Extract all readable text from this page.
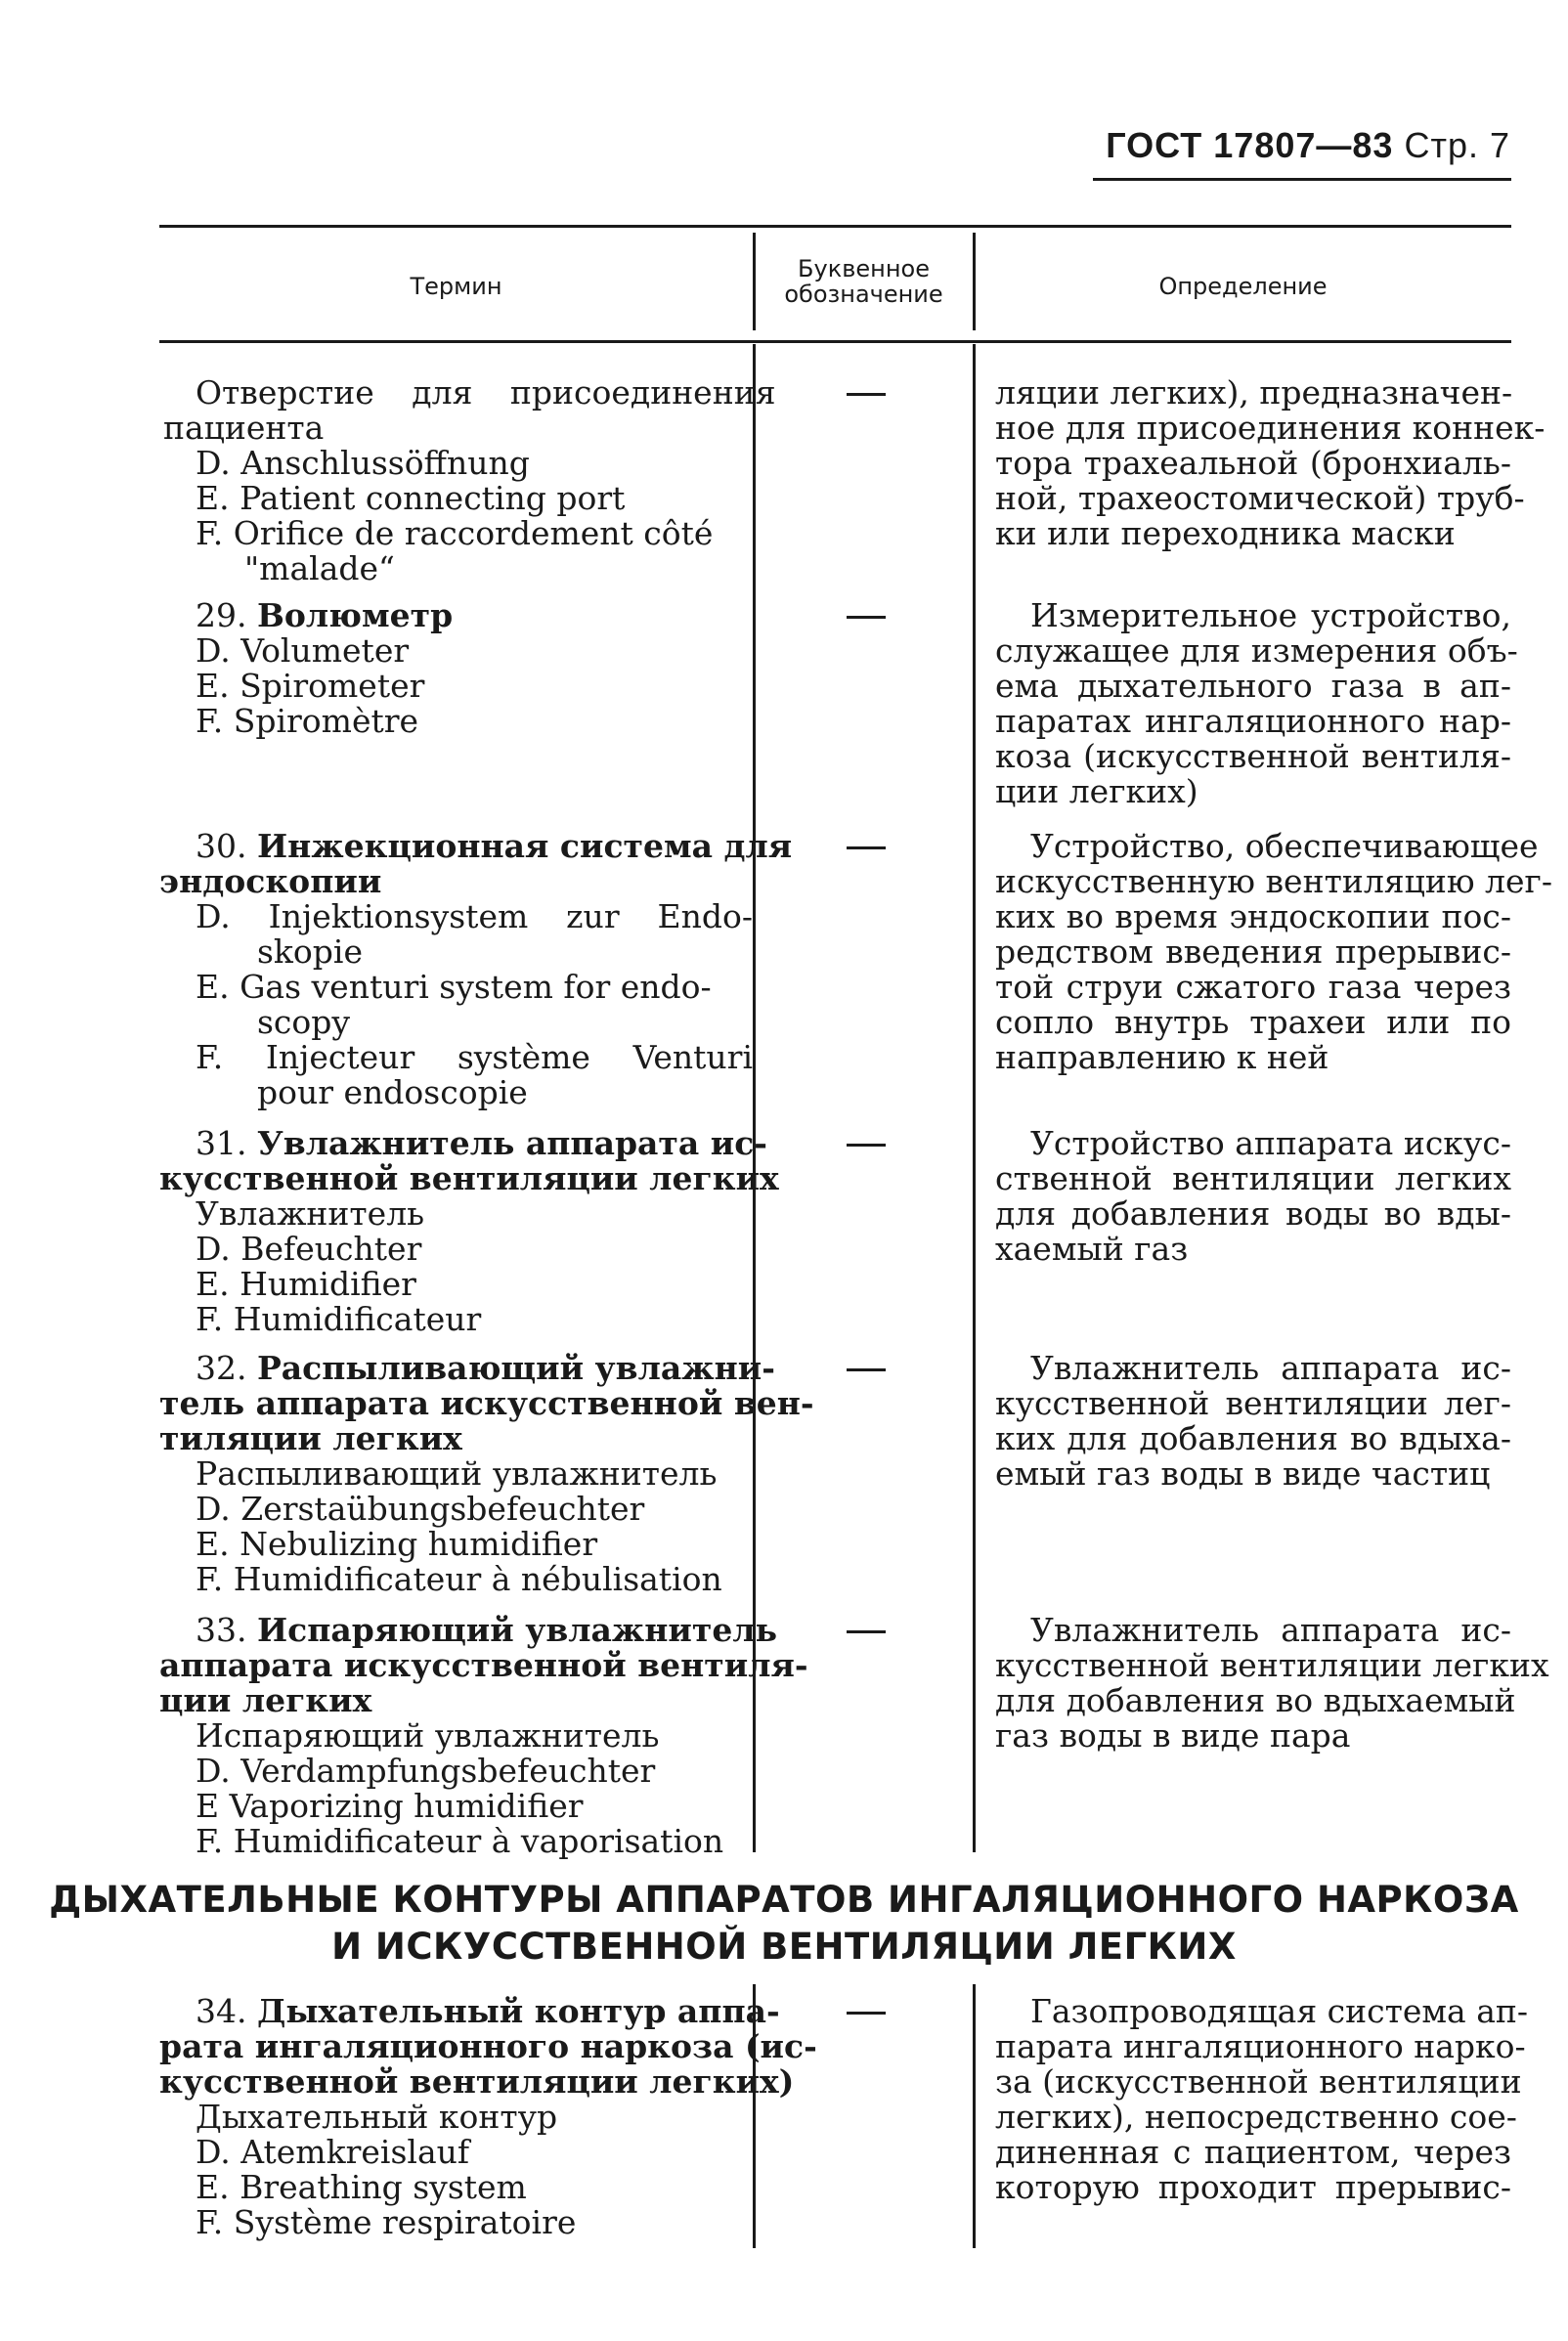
ГОСТ 17807—83 Стр. 7
Термин
Буквенное
обозначение	Определение
Отверстие для присоединения
пациента
D. Anschlussöffnung
E. Patient connecting port
F. Orifice de raccordement côté
"malade“
ляции легких), предназначен-
ное для присоединения коннек-
тора трахеальной (бронхиаль-
ной, трахеостомической) труб-
ки или переходника маски
29. Волюметр
D. Volumeter
E. Spirometer
F. Spiromètre
Измерительное устройство,
служащее для измерения объ-
ема дыхательного газа в ап-
паратах ингаляционного нар-
коза (искусственной вентиля-
ции легких)
30. Инжекционная система для
эндоскопии
D. Injektionsystem zur Endo-
skopie
E. Gas venturi system for endo-
scopy
F. Injecteur système Venturi
pour endoscopie
Устройство, обеспечивающее
искусственную вентиляцию лег-
ких во время эндоскопии пос-
редством введения прерывис-
той струи сжатого газа через
сопло внутрь трахеи или по
направлению к ней
31. Увлажнитель аппарата ис-
кусственной вентиляции легких
Увлажнитель
D. Befeuchter
E. Humidifier
F. Humidificateur
Устройство аппарата искус-
ственной вентиляции легких
для добавления воды во вды-
хаемый газ
32. Распыливающий увлажни-
тель аппарата искусственной вен-
тиляции легких
Распыливающий увлажнитель
D. Zerstaübungsbefeuchter
E. Nebulizing humidifier
F. Humidificateur à nébulisation
Увлажнитель аппарата ис-
кусственной вентиляции лег-
ких для добавления во вдыха-
емый газ воды в виде частиц
33. Испаряющий увлажнитель
аппарата искусственной вентиля-
ции легких
Испаряющий увлажнитель
D. Verdampfungsbefeuchter
E Vaporizing humidifier
F. Humidificateur à vaporisation
Увлажнитель аппарата ис-
кусственной вентиляции легких
для добавления во вдыхаемый
газ воды в виде пара
ДЫХАТЕЛЬНЫЕ КОНТУРЫ АППАРАТОВ ИНГАЛЯЦИОННОГО НАРКОЗА
И ИСКУССТВЕННОЙ ВЕНТИЛЯЦИИ ЛЕГКИХ
34. Дыхательный контур аппа-
рата ингаляционного наркоза (ис-
кусственной вентиляции легких)
Дыхательный контур
D. Atemkreislauf
E. Breathing system
F. Système respiratoire
Газопроводящая система ап-
парата ингаляционного нарко-
за (искусственной вентиляции
легких), непосредственно сое-
диненная с пациентом, через
которую проходит прерывис-
